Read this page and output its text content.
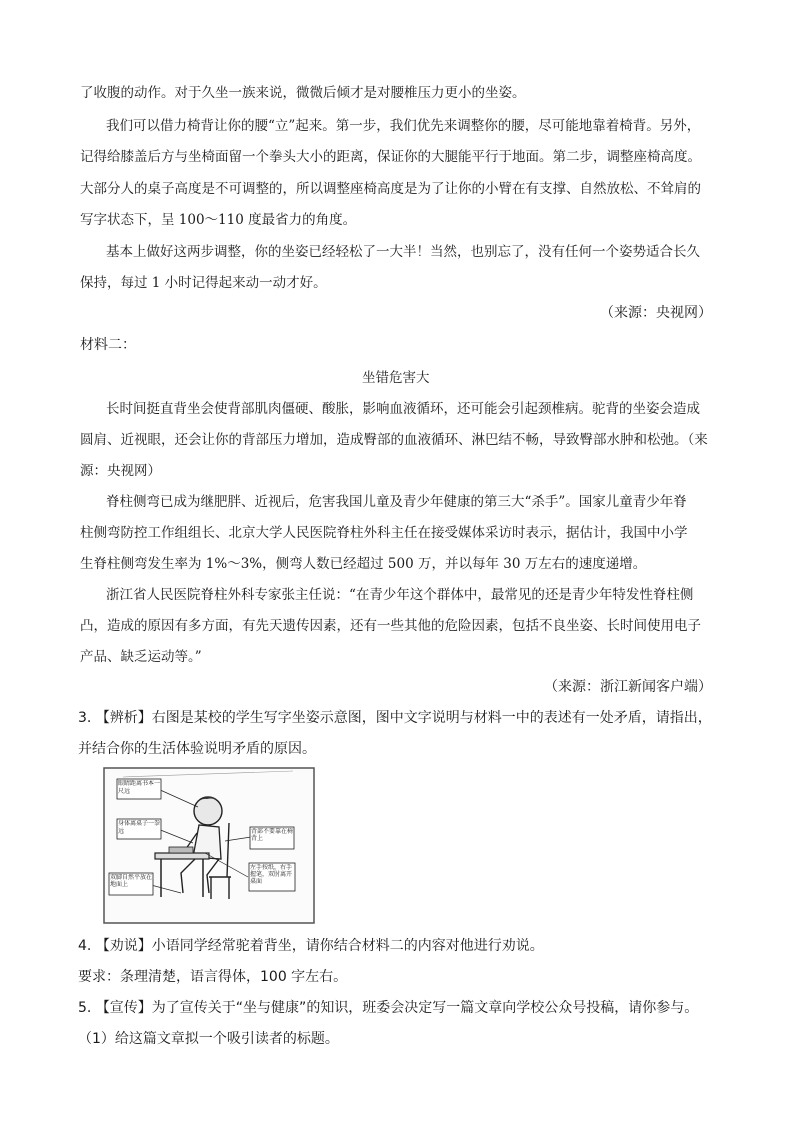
了收腹的动作。对于久坐一族来说，微微后倾才是对腰椎压力更小的坐姿。
我们可以借力椅背让你的腰“立”起来。第一步，我们优先来调整你的腰，尽可能地靠着椅背。另外，
记得给膝盖后方与坐椅面留一个拳头大小的距离，保证你的大腿能平行于地面。第二步，调整座椅高度。
大部分人的桌子高度是不可调整的，所以调整座椅高度是为了让你的小臂在有支撑、自然放松、不耸肩的
写字状态下，呈 100～110 度最省力的角度。
基本上做好这两步调整，你的坐姿已经轻松了一大半！当然，也别忘了，没有任何一个姿势适合长久
保持，每过 1 小时记得起来动一动才好。
（来源：央视网）
材料二：
坐错危害大
长时间挺直背坐会使背部肌肉僵硬、酸胀，影响血液循环，还可能会引起颈椎病。驼背的坐姿会造成
圆肩、近视眼，还会让你的背部压力增加，造成臀部的血液循环、淋巴结不畅，导致臀部水肿和松弛。（来
源：央视网）
脊柱侧弯已成为继肥胖、近视后，危害我国儿童及青少年健康的第三大“杀手”。国家儿童青少年脊
柱侧弯防控工作组组长、北京大学人民医院脊柱外科主任在接受媒体采访时表示，据估计，我国中小学
生脊柱侧弯发生率为 1%～3%，侧弯人数已经超过 500 万，并以每年 30 万左右的速度递增。
浙江省人民医院脊柱外科专家张主任说：“在青少年这个群体中，最常见的还是青少年特发性脊柱侧
凸，造成的原因有多方面，有先天遗传因素，还有一些其他的危险因素，包括不良坐姿、长时间使用电子
产品、缺乏运动等。”
（来源：浙江新闻客户端）
3. 【辨析】右图是某校的学生写字坐姿示意图，图中文字说明与材料一中的表述有一处矛盾，请指出，
并结合你的生活体验说明矛盾的原因。
眼睛距离书本一尺远
身体离桌子一拳远	背部不要靠在椅背上
左手按纸，右手握笔，双肘离开桌面
双脚自然平放在地面上
4. 【劝说】小语同学经常驼着背坐，请你结合材料二的内容对他进行劝说。
要求：条理清楚，语言得体，100 字左右。
5. 【宣传】为了宣传关于“坐与健康”的知识，班委会决定写一篇文章向学校公众号投稿，请你参与。
（1）给这篇文章拟一个吸引读者的标题。
